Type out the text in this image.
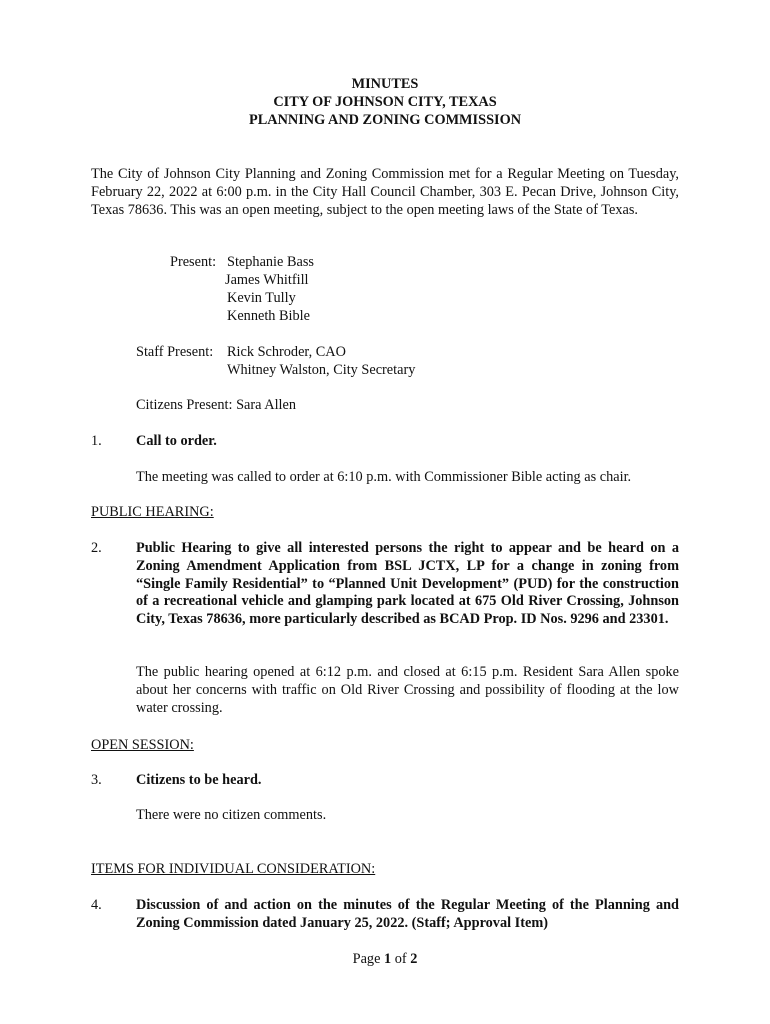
MINUTES
CITY OF JOHNSON CITY, TEXAS
PLANNING AND ZONING COMMISSION
The City of Johnson City Planning and Zoning Commission met for a Regular Meeting on Tuesday, February 22, 2022 at 6:00 p.m. in the City Hall Council Chamber, 303 E. Pecan Drive, Johnson City, Texas 78636. This was an open meeting, subject to the open meeting laws of the State of Texas.
Present: Stephanie Bass
James Whitfill
Kevin Tully
Kenneth Bible
Staff Present: Rick Schroder, CAO
Whitney Walston, City Secretary
Citizens Present: Sara Allen
1. Call to order.
The meeting was called to order at 6:10 p.m. with Commissioner Bible acting as chair.
PUBLIC HEARING:
2. Public Hearing to give all interested persons the right to appear and be heard on a Zoning Amendment Application from BSL JCTX, LP for a change in zoning from “Single Family Residential” to “Planned Unit Development” (PUD) for the construction of a recreational vehicle and glamping park located at 675 Old River Crossing, Johnson City, Texas 78636, more particularly described as BCAD Prop. ID Nos. 9296 and 23301.
The public hearing opened at 6:12 p.m. and closed at 6:15 p.m. Resident Sara Allen spoke about her concerns with traffic on Old River Crossing and possibility of flooding at the low water crossing.
OPEN SESSION:
3. Citizens to be heard.
There were no citizen comments.
ITEMS FOR INDIVIDUAL CONSIDERATION:
4. Discussion of and action on the minutes of the Regular Meeting of the Planning and Zoning Commission dated January 25, 2022. (Staff; Approval Item)
Page 1 of 2
